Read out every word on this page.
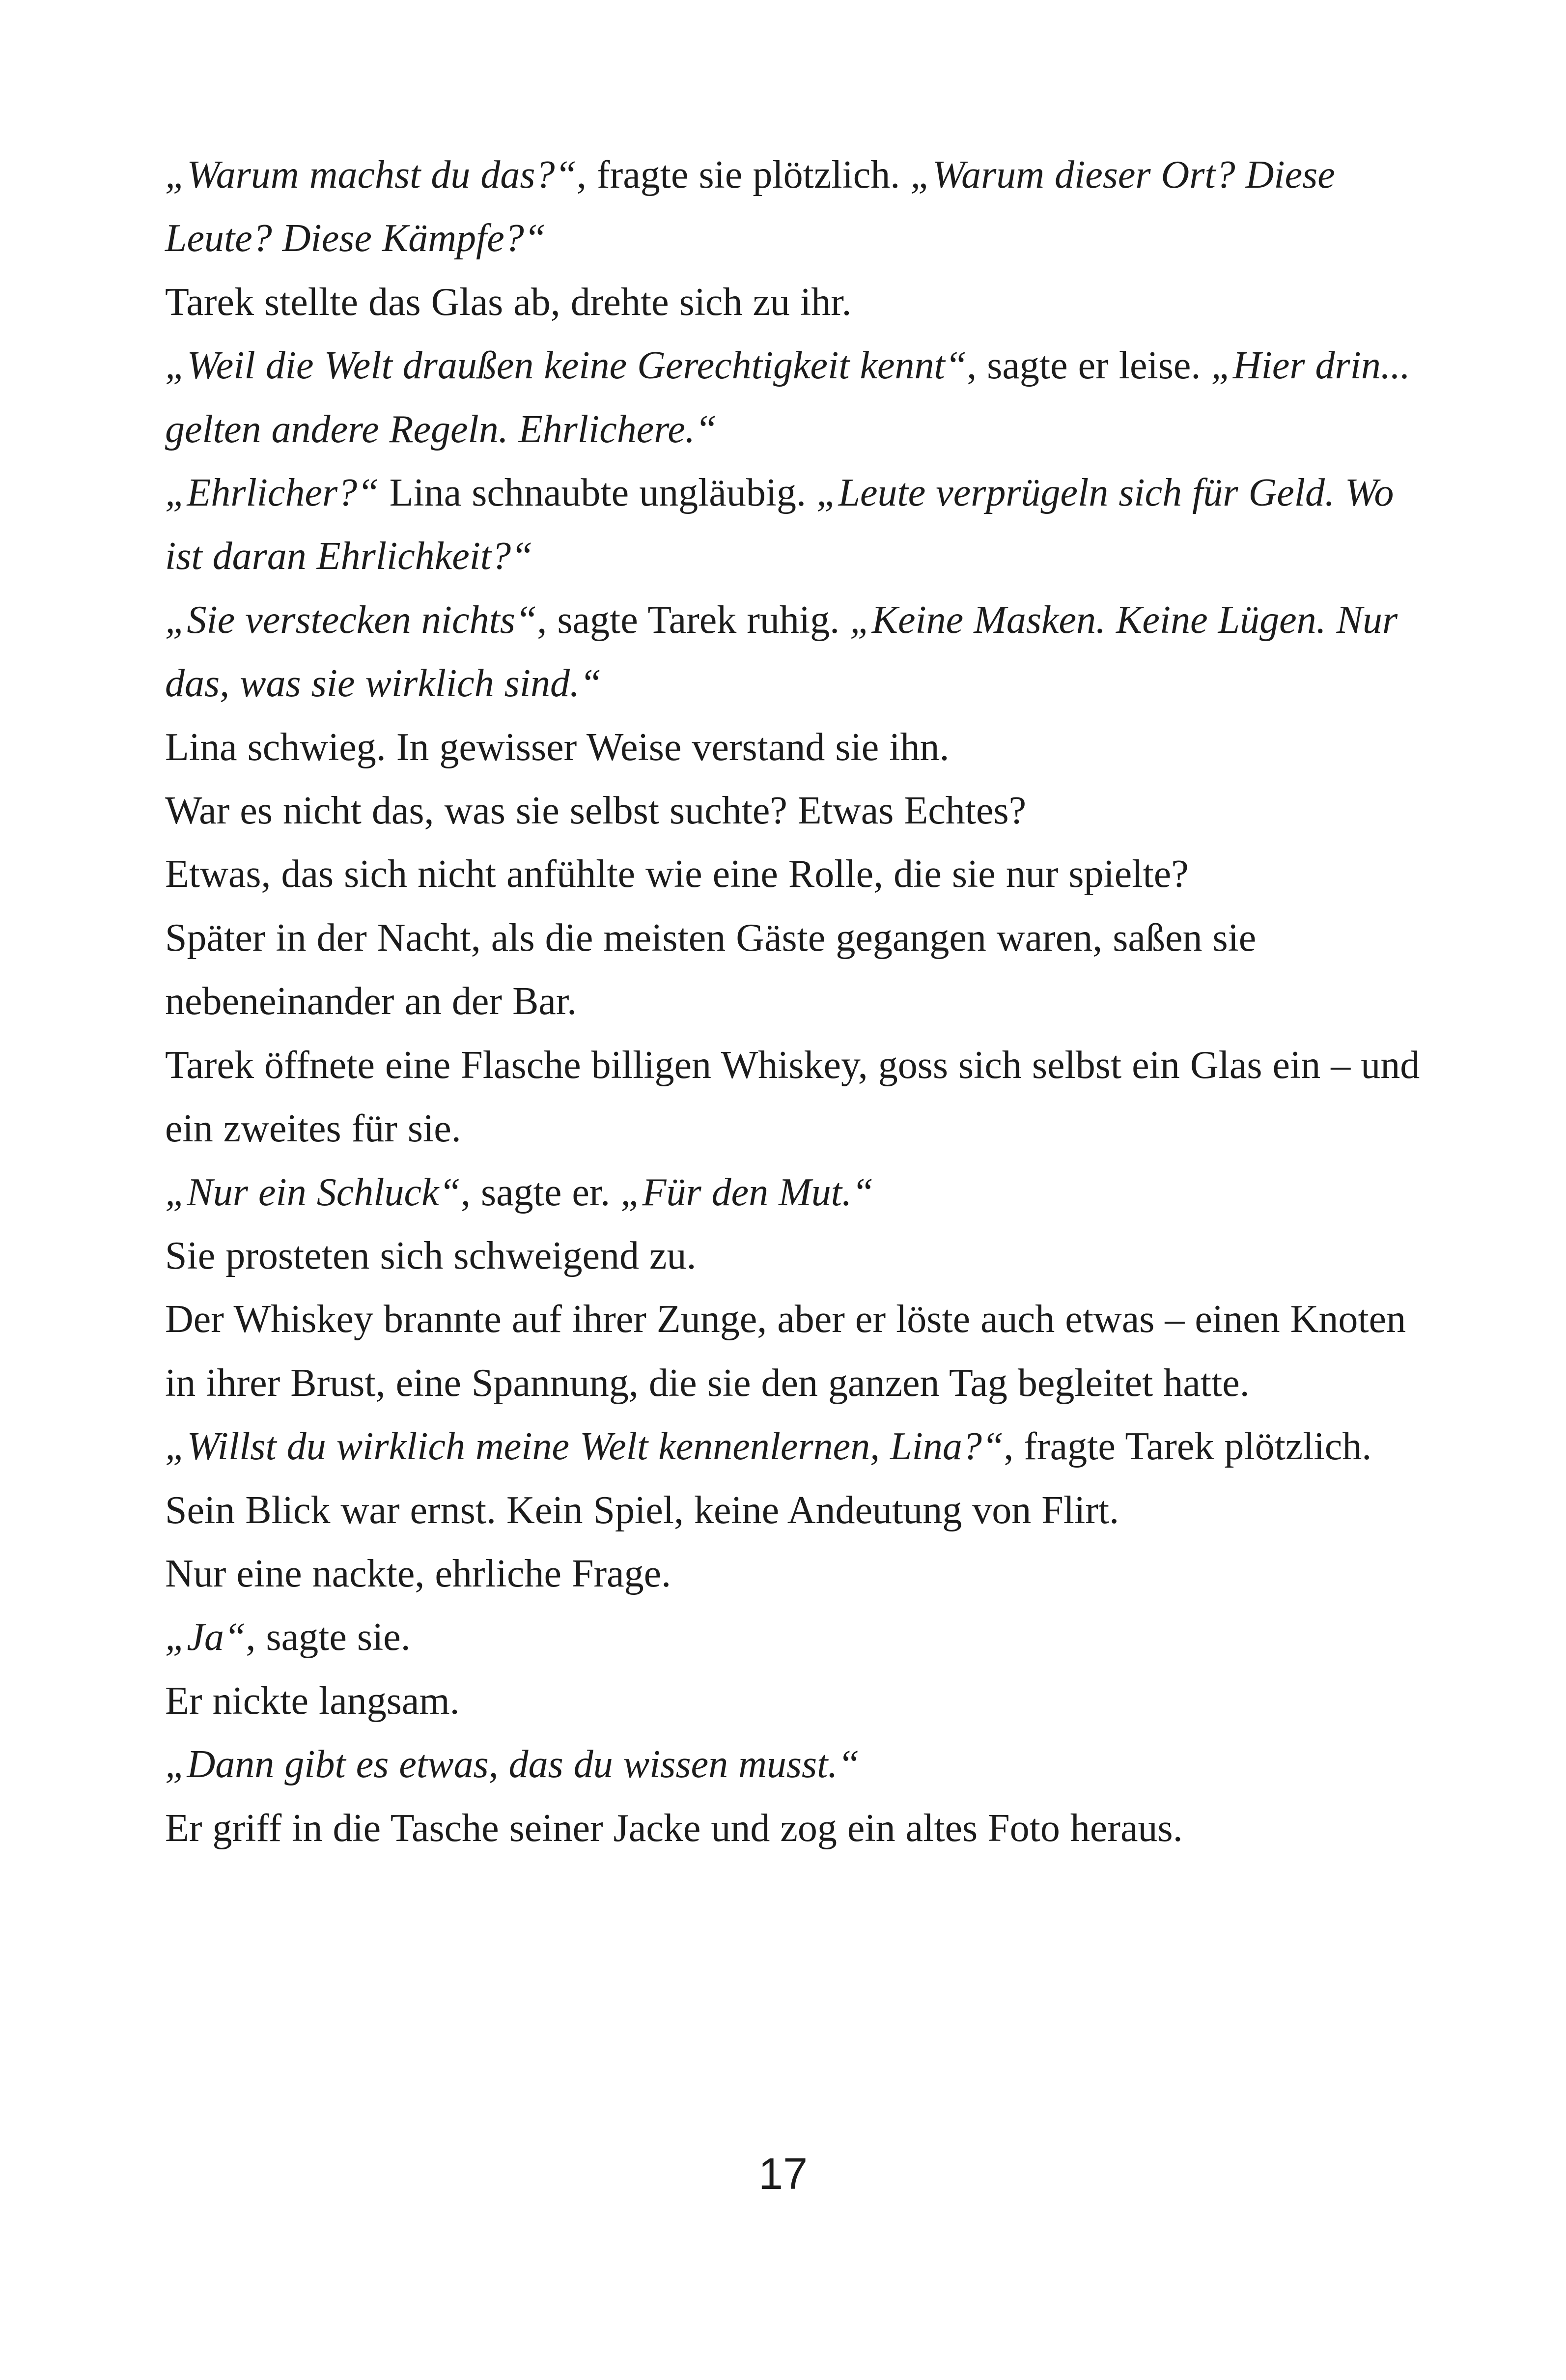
„Warum machst du das?“, fragte sie plötzlich. „Warum dieser Ort? Diese Leute? Diese Kämpfe?“

Tarek stellte das Glas ab, drehte sich zu ihr.

„Weil die Welt draußen keine Gerechtigkeit kennt“, sagte er leise. „Hier drin... gelten andere Regeln. Ehrlichere.“

„Ehrlicher?“ Lina schnaubte ungläubig. „Leute verprügeln sich für Geld. Wo ist daran Ehrlichkeit?“

„Sie verstecken nichts“, sagte Tarek ruhig. „Keine Masken. Keine Lügen. Nur das, was sie wirklich sind.“

Lina schwieg. In gewisser Weise verstand sie ihn.

War es nicht das, was sie selbst suchte? Etwas Echtes?

Etwas, das sich nicht anfühlte wie eine Rolle, die sie nur spielte?

Später in der Nacht, als die meisten Gäste gegangen waren, saßen sie nebeneinander an der Bar.

Tarek öffnete eine Flasche billigen Whiskey, goss sich selbst ein Glas ein – und ein zweites für sie.

„Nur ein Schluck“, sagte er. „Für den Mut.“

Sie prosteten sich schweigend zu.

Der Whiskey brannte auf ihrer Zunge, aber er löste auch etwas – einen Knoten in ihrer Brust, eine Spannung, die sie den ganzen Tag begleitet hatte.

„Willst du wirklich meine Welt kennenlernen, Lina?“, fragte Tarek plötzlich.

Sein Blick war ernst. Kein Spiel, keine Andeutung von Flirt.

Nur eine nackte, ehrliche Frage.

„Ja“, sagte sie.

Er nickte langsam.

„Dann gibt es etwas, das du wissen musst.“

Er griff in die Tasche seiner Jacke und zog ein altes Foto heraus.

17
